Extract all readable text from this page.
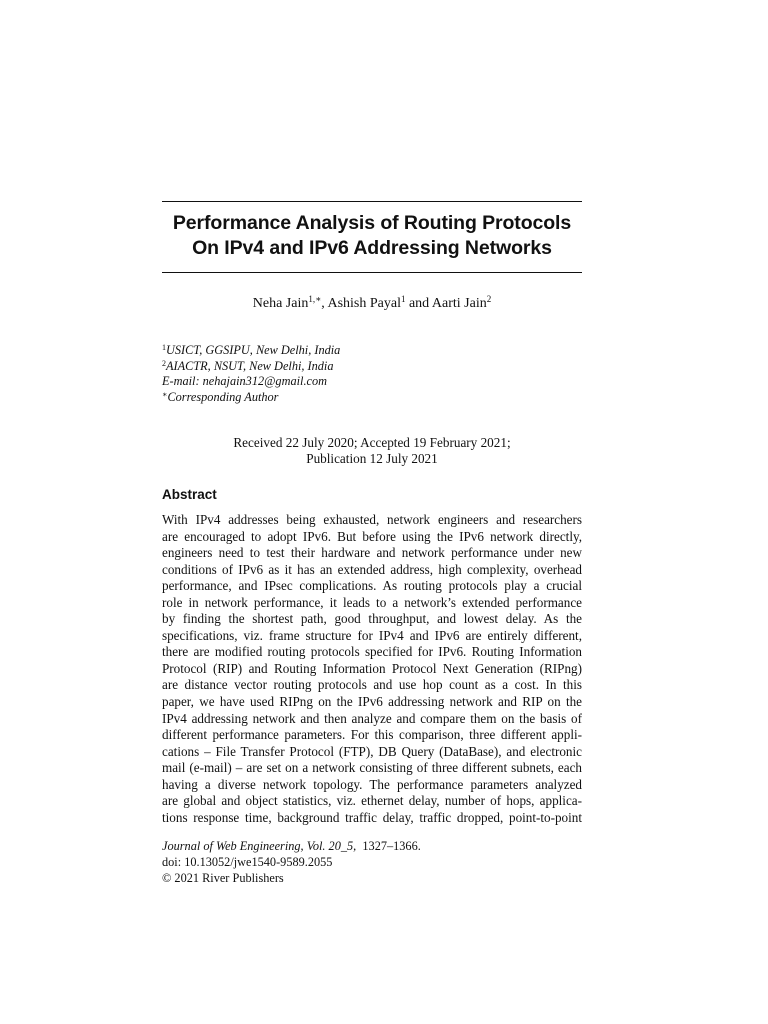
Performance Analysis of Routing Protocols
On IPv4 and IPv6 Addressing Networks
Neha Jain$^{1,∗}$, Ashish Payal$^1$ and Aarti Jain$^2$
$^1$USICT, GGSIPU, New Delhi, India
$^2$AIACTR, NSUT, New Delhi, India
E-mail: nehajain312@gmail.com
∗Corresponding Author
Received 22 July 2020; Accepted 19 February 2021;
Publication 12 July 2021
Abstract
With IPv4 addresses being exhausted, network engineers and researchers
are encouraged to adopt IPv6. But before using the IPv6 network directly,
engineers need to test their hardware and network performance under new
conditions of IPv6 as it has an extended address, high complexity, overhead
performance, and IPsec complications. As routing protocols play a crucial
role in network performance, it leads to a network’s extended performance
by finding the shortest path, good throughput, and lowest delay. As the
specifications, viz. frame structure for IPv4 and IPv6 are entirely different,
there are modified routing protocols specified for IPv6. Routing Information
Protocol (RIP) and Routing Information Protocol Next Generation (RIPng)
are distance vector routing protocols and use hop count as a cost. In this
paper, we have used RIPng on the IPv6 addressing network and RIP on the
IPv4 addressing network and then analyze and compare them on the basis of
different performance parameters. For this comparison, three different appli-
cations – File Transfer Protocol (FTP), DB Query (DataBase), and electronic
mail (e-mail) – are set on a network consisting of three different subnets, each
having a diverse network topology. The performance parameters analyzed
are global and object statistics, viz. ethernet delay, number of hops, applica-
tions response time, background traffic delay, traffic dropped, point-to-point
Journal of Web Engineering, Vol. 20_5, 1327–1366.
doi: 10.13052/jwe1540-9589.2055
© 2021 River Publishers
